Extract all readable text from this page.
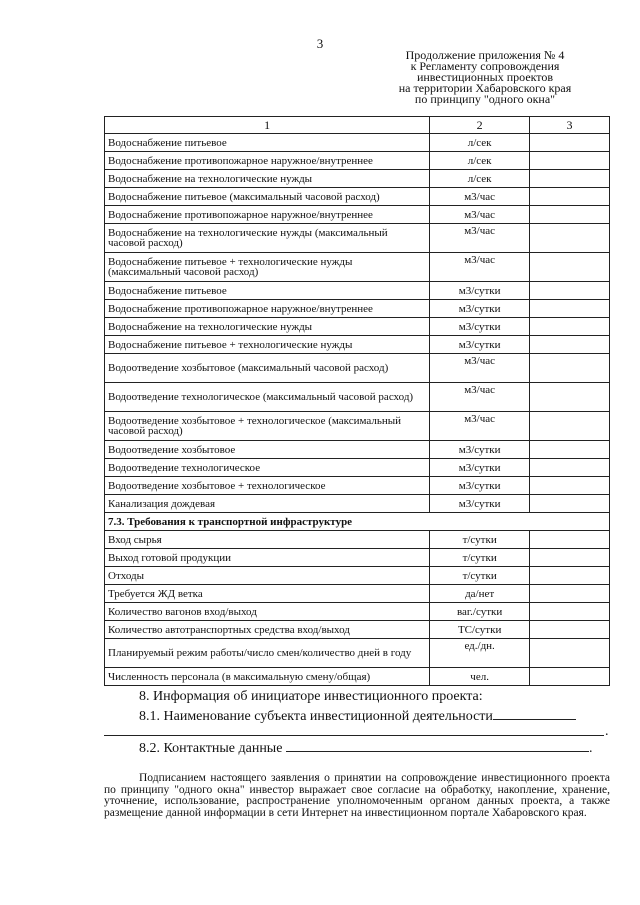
3
Продолжение приложения № 4
к Регламенту сопровождения
инвестиционных проектов
на территории Хабаровского края
по принципу "одного окна"
1	2	3
Водоснабжение питьевое	л/сек	
Водоснабжение противопожарное наружное/внутреннее	л/сек	
Водоснабжение на технологические нужды	л/сек	
Водоснабжение питьевое (максимальный часовой расход)	м3/час	
Водоснабжение противопожарное наружное/внутреннее	м3/час	
Водоснабжение на технологические нужды (максимальный часовой расход)	м3/час	
Водоснабжение питьевое + технологические нужды (максимальный часовой расход)	м3/час	
Водоснабжение питьевое	м3/сутки	
Водоснабжение противопожарное наружное/внутреннее	м3/сутки	
Водоснабжение на технологические нужды	м3/сутки	
Водоснабжение питьевое + технологические нужды	м3/сутки	
Водоотведение хозбытовое (максимальный часовой расход)	м3/час	
Водоотведение технологическое (максимальный часовой расход)	м3/час	
Водоотведение хозбытовое + технологическое (максимальный часовой расход)	м3/час	
Водоотведение хозбытовое	м3/сутки	
Водоотведение технологическое	м3/сутки	
Водоотведение хозбытовое + технологическое	м3/сутки	
Канализация дождевая	м3/сутки	
7.3. Требования к транспортной инфраструктуре		
Вход сырья	т/сутки	
Выход готовой продукции	т/сутки	
Отходы	т/сутки	
Требуется ЖД ветка	да/нет	
Количество вагонов вход/выход	ваг./сутки	
Количество автотранспортных средства вход/выход	ТС/сутки	
Планируемый режим работы/число смен/количество дней в году	ед./дн.	
Численность персонала (в максимальную смену/общая)	чел.	
8. Информация об инициаторе инвестиционного проекта:
8.1. Наименование субъекта инвестиционной деятельности
.
8.2. Контактные данные	.
Подписанием настоящего заявления о принятии на сопровождение инвестиционного проекта по принципу "одного окна" инвестор выражает свое согласие на обработку, накопление, хранение, уточнение, использование, распространение уполномоченным органом данных проекта, а также размещение данной информации в сети Интернет на инвестиционном портале Хабаровского края.
